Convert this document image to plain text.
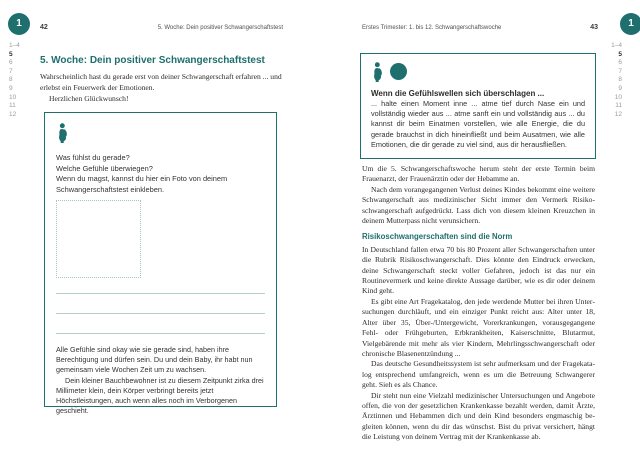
1
1–4
5
6
7
8
9
10
11
12
1
1–4
5
6
7
8
9
10
11
12
42	5. Woche: Dein positiver Schwangerschaftstest
5. Woche: Dein positiver Schwangerschaftstest

Wahrscheinlich hast du gerade erst von deiner Schwangerschaft erfahren ... und erlebst ein Feuerwerk der Emotionen.

Herzlichen Glückwunsch!

Was fühlst du gerade?
Welche Gefühle überwiegen?
Wenn du magst, kannst du hier ein Foto von deinem Schwangerschaftstest einkleben.

Alle Gefühle sind okay wie sie gerade sind, haben ihre Berechtigung und dürfen sein. Du und dein Baby, ihr habt nun gemeinsam viele Wochen Zeit um zu wachsen.

Dein kleiner Bauchbewohner ist zu diesem Zeitpunkt zirka drei Millimeter klein, dein Körper verbringt bereits jetzt Höchstleistungen, auch wenn alles noch im Verborgenen geschieht.

Erstes Trimester: 1. bis 12. Schwangerschaftswoche	43
Wenn die Gefühlswellen sich überschlagen ...
... halte einen Moment inne ... atme tief durch Nase ein und vollständig wieder aus ... atme sanft ein und vollständig aus ... du kannst dir beim Einatmen vorstellen, wie alle Energie, die du gerade brauchst in dich hineinfließt und beim Ausatmen, wie alle Emotionen, die dir gerade zu viel sind, aus dir herausfließen.

Um die 5. Schwangerschaftswoche herum steht der erste Termin beim Frauenarzt, der Frauenärztin oder der Hebamme an.

Nach dem vorangegangenen Verlust deines Kindes bekommt eine weitere Schwangerschaft aus medizinischer Sicht immer den Vermerk Risikoschwangerschaft aufgedrückt. Lass dich von diesem kleinen Kreuzchen in deinem Mutterpass nicht verunsichern.

Risikoschwangerschaften sind die Norm

In Deutschland fallen etwa 70 bis 80 Prozent aller Schwangerschaften unter die Rubrik Risikoschwangerschaft. Dies könnte den Eindruck erwecken, deine Schwangerschaft steckt voller Gefahren, jedoch ist das nur ein Routinevermerk und keine direkte Aussage darüber, wie es dir oder deinem Kind geht.

Es gibt eine Art Fragekatalog, den jede werdende Mutter bei ihren Untersuchungen durchläuft, und ein einziger Punkt reicht aus: Alter unter 18, Alter über 35, Über-/Untergewicht, Vorerkrankungen, vorausgegangene Fehl- oder Frühgeburten, Erbkrankheiten, Kaiserschnitte, Blutarmut, Vielgebärende mit mehr als vier Kindern, Mehrlingsschwangerschaft oder chronische Blasenentzündung ...

Das deutsche Gesundheitssystem ist sehr aufmerksam und der Fragekatalog entsprechend umfangreich, wenn es um die Betreuung Schwangerer geht. Sieh es als Chance.

Dir steht nun eine Vielzahl medizinischer Untersuchungen und Angebote offen, die von der gesetzlichen Krankenkasse bezahlt werden, damit Ärzte, Ärztinnen und Hebammen dich und dein Kind besonders engmaschig begleiten können, wenn du dir das wünschst. Bist du privat versichert, hängt die Leistung von deinem Vertrag mit der Krankenkasse ab.
